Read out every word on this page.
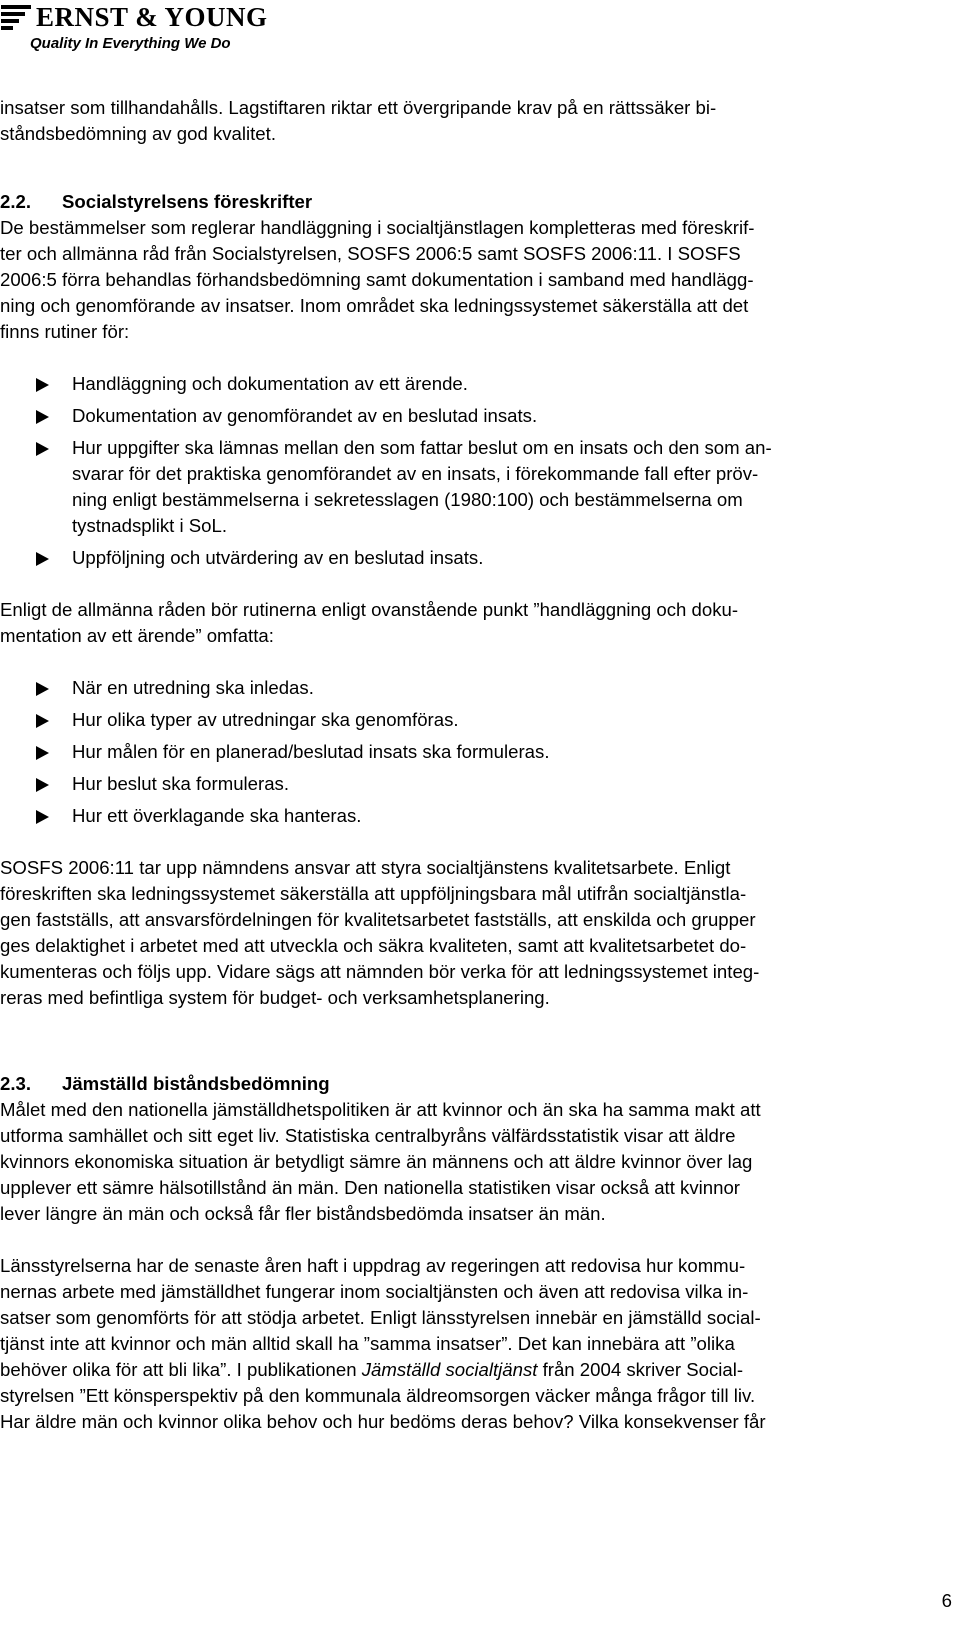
ERNST & YOUNG
Quality In Everything We Do

insatser som tillhandahålls. Lagstiftaren riktar ett övergripande krav på en rättssäker bi-
ståndsbedömning av god kvalitet.

2.2. Socialstyrelsens föreskrifter

De bestämmelser som reglerar handläggning i socialtjänstlagen kompletteras med föreskrif-
ter och allmänna råd från Socialstyrelsen, SOSFS 2006:5 samt SOSFS 2006:11. I SOSFS
2006:5 förra behandlas förhandsbedömning samt dokumentation i samband med handlägg-
ning och genomförande av insatser. Inom området ska ledningssystemet säkerställa att det
finns rutiner för:

Handläggning och dokumentation av ett ärende.
Dokumentation av genomförandet av en beslutad insats.
Hur uppgifter ska lämnas mellan den som fattar beslut om en insats och den som an-
svarar för det praktiska genomförandet av en insats, i förekommande fall efter pröv-
ning enligt bestämmelserna i sekretesslagen (1980:100) och bestämmelserna om
tystnadsplikt i SoL.
Uppföljning och utvärdering av en beslutad insats.

Enligt de allmänna råden bör rutinerna enligt ovanstående punkt ”handläggning och doku-
mentation av ett ärende” omfatta:

När en utredning ska inledas.
Hur olika typer av utredningar ska genomföras.
Hur målen för en planerad/beslutad insats ska formuleras.
Hur beslut ska formuleras.
Hur ett överklagande ska hanteras.

SOSFS 2006:11 tar upp nämndens ansvar att styra socialtjänstens kvalitetsarbete. Enligt
föreskriften ska ledningssystemet säkerställa att uppföljningsbara mål utifrån socialtjänstla-
gen fastställs, att ansvarsfördelningen för kvalitetsarbetet fastställs, att enskilda och grupper
ges delaktighet i arbetet med att utveckla och säkra kvaliteten, samt att kvalitetsarbetet do-
kumenteras och följs upp. Vidare sägs att nämnden bör verka för att ledningssystemet integ-
reras med befintliga system för budget- och verksamhetsplanering.

2.3. Jämställd biståndsbedömning

Målet med den nationella jämställdhetspolitiken är att kvinnor och än ska ha samma makt att
utforma samhället och sitt eget liv. Statistiska centralbyråns välfärdsstatistik visar att äldre
kvinnors ekonomiska situation är betydligt sämre än männens och att äldre kvinnor över lag
upplever ett sämre hälsotillstånd än män. Den nationella statistiken visar också att kvinnor
lever längre än män och också får fler biståndsbedömda insatser än män.

Länsstyrelserna har de senaste åren haft i uppdrag av regeringen att redovisa hur kommu-
nernas arbete med jämställdhet fungerar inom socialtjänsten och även att redovisa vilka in-
satser som genomförts för att stödja arbetet. Enligt länsstyrelsen innebär en jämställd social-
tjänst inte att kvinnor och män alltid skall ha ”samma insatser”. Det kan innebära att ”olika
behöver olika för att bli lika”. I publikationen Jämställd socialtjänst från 2004 skriver Social-
styrelsen ”Ett könsperspektiv på den kommunala äldreomsorgen väcker många frågor till liv.
Har äldre män och kvinnor olika behov och hur bedöms deras behov? Vilka konsekvenser får

6
